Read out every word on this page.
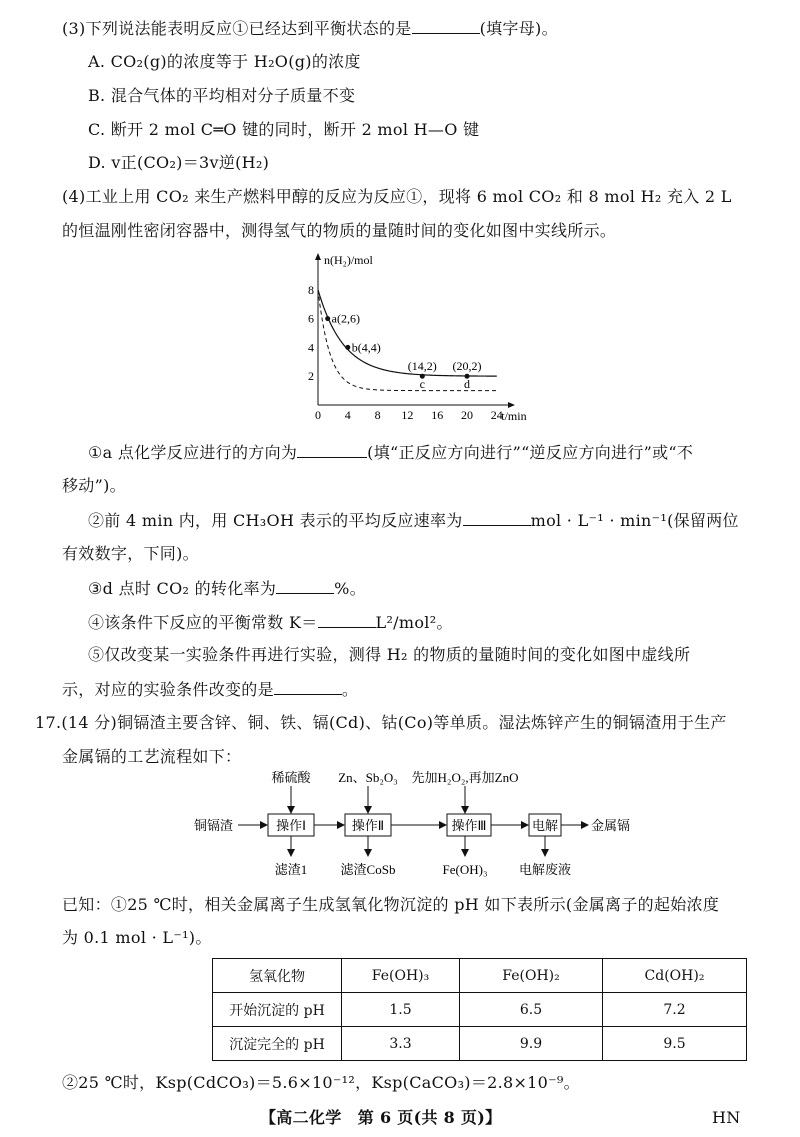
(3)下列说法能表明反应①已经达到平衡状态的是	(填字母)。
A. CO₂(g)的浓度等于 H₂O(g)的浓度
B. 混合气体的平均相对分子质量不变
C. 断开 2 mol C═O 键的同时，断开 2 mol H—O 键
D. v正(CO₂)＝3v逆(H₂)
(4)工业上用 CO₂ 来生产燃料甲醇的反应为反应①，现将 6 mol CO₂ 和 8 mol H₂ 充入 2 L
的恒温刚性密闭容器中，测得氢气的物质的量随时间的变化如图中实线所示。
n(H₂)/mol
t/min
0 4 8 12 16 20 24
2
4
6
8
a(2,6)
b(4,4)
(14,2)
c
(20,2)
d
①a 点化学反应进行的方向为	(填“正反应方向进行”“逆反应方向进行”或“不
移动”)。
②前 4 min 内，用 CH₃OH 表示的平均反应速率为	mol · L⁻¹ · min⁻¹(保留两位
有效数字，下同)。
③d 点时 CO₂ 的转化率为	%。
④该条件下反应的平衡常数 K＝	L²/mol²。
⑤仅改变某一实验条件再进行实验，测得 H₂ 的物质的量随时间的变化如图中虚线所
示，对应的实验条件改变的是	。
17.(14 分)铜镉渣主要含锌、铜、铁、镉(Cd)、钴(Co)等单质。湿法炼锌产生的铜镉渣用于生产
金属镉的工艺流程如下：
铜镉渣	操作Ⅰ	操作Ⅱ	操作Ⅲ	电解	金属镉
稀硫酸 Zn、Sb₂O₃ 先加H₂O₂,再加ZnO
滤渣1	滤渣CoSb	Fe(OH)₃ 电解废液
已知：①25 ℃时，相关金属离子生成氢氧化物沉淀的 pH 如下表所示(金属离子的起始浓度
为 0.1 mol · L⁻¹)。
氢氧化物	Fe(OH)₃	Fe(OH)₂	Cd(OH)₂
开始沉淀的 pH	1.5	6.5	7.2
沉淀完全的 pH	3.3	9.9	9.5
②25 ℃时，Ksp(CdCO₃)＝5.6×10⁻¹²，Ksp(CaCO₃)＝2.8×10⁻⁹。
【高二化学　第 6 页(共 8 页)】	HN
